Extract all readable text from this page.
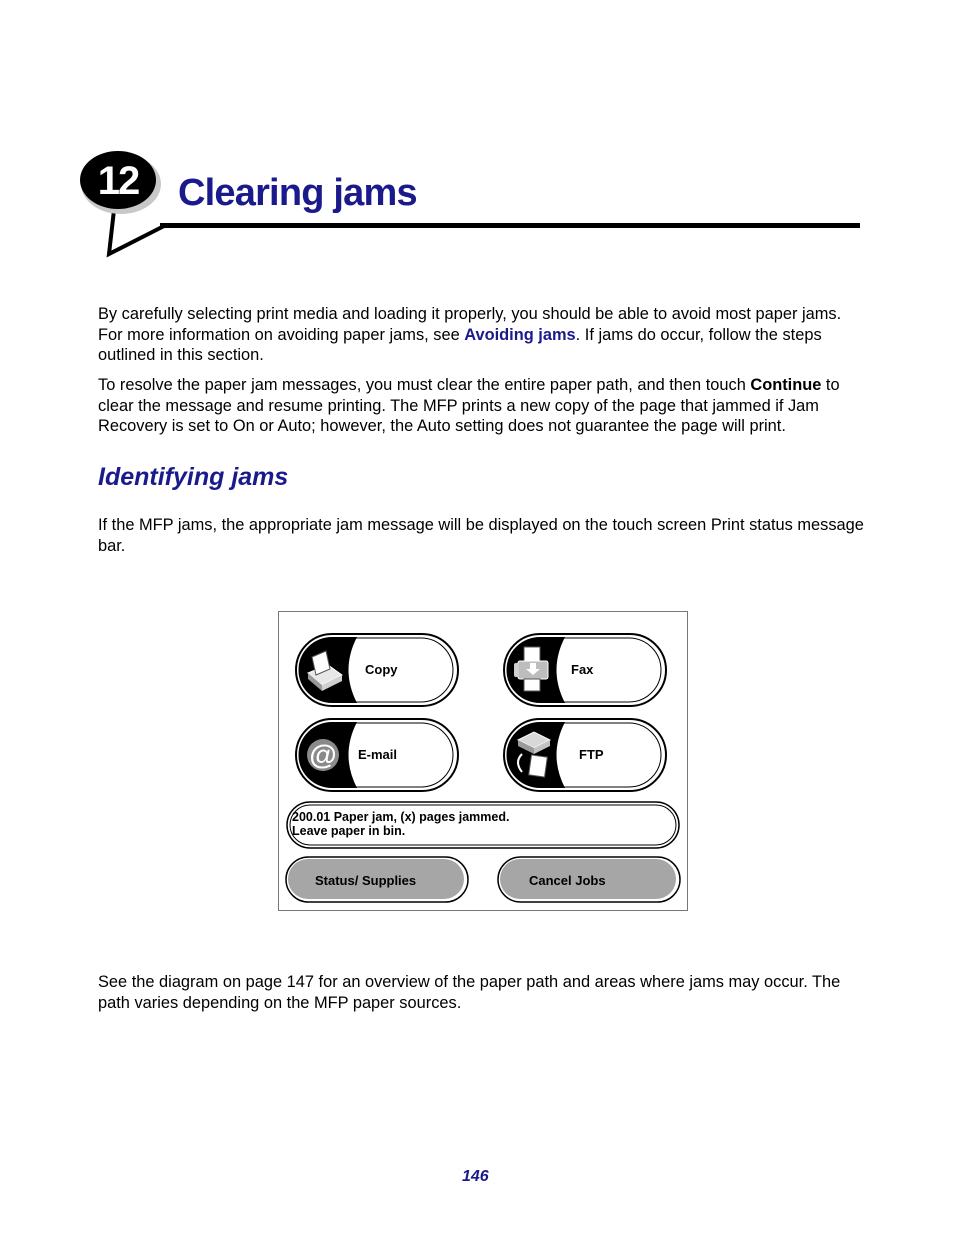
12 Clearing jams

By carefully selecting print media and loading it properly, you should be able to avoid most paper jams. For more information on avoiding paper jams, see Avoiding jams. If jams do occur, follow the steps outlined in this section.

To resolve the paper jam messages, you must clear the entire paper path, and then touch Continue to clear the message and resume printing. The MFP prints a new copy of the page that jammed if Jam Recovery is set to On or Auto; however, the Auto setting does not guarantee the page will print.

Identifying jams

If the MFP jams, the appropriate jam message will be displayed on the touch screen Print status message bar.

Copy	Fax
@ E-mail	FTP
200.01 Paper jam, (x) pages jammed.
Leave paper in bin.
Status/ Supplies	Cancel Jobs

See the diagram on page 147 for an overview of the paper path and areas where jams may occur. The path varies depending on the MFP paper sources.

146
